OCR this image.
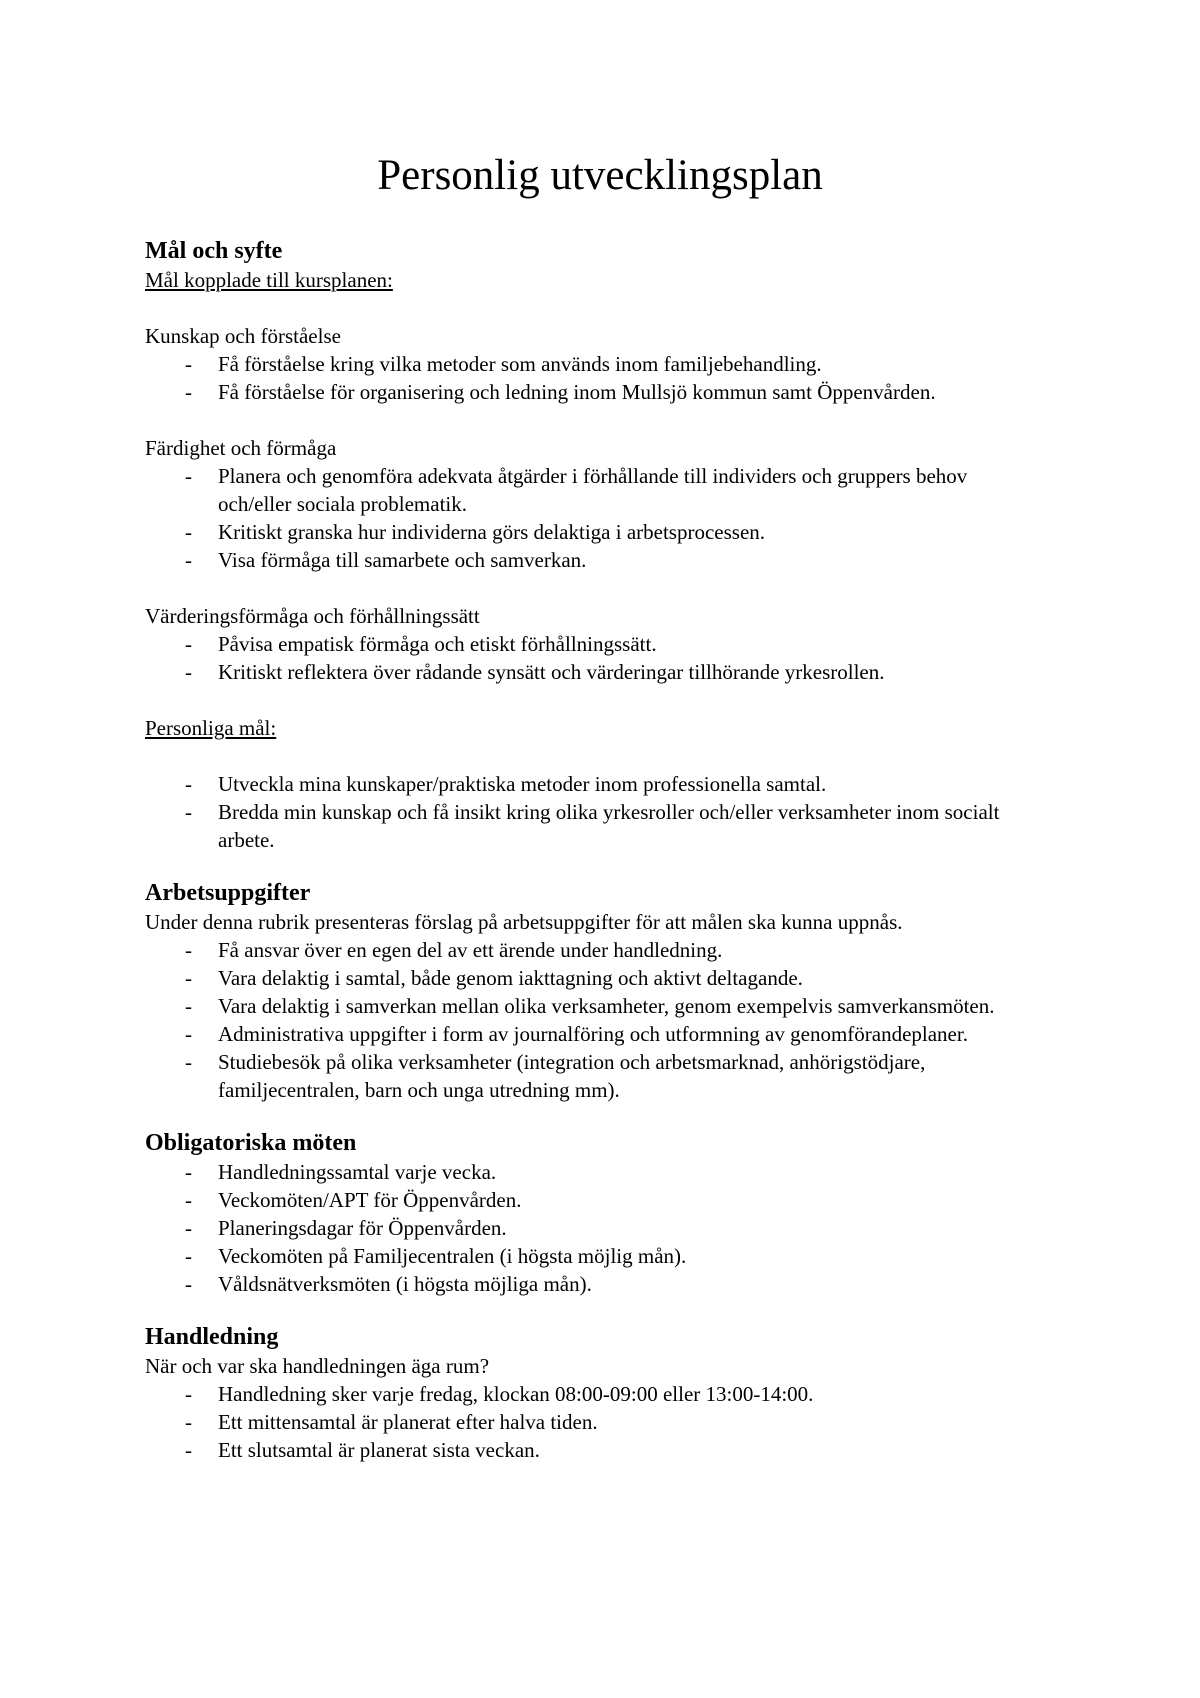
Personlig utvecklingsplan
Mål och syfte

Mål kopplade till kursplanen:

Kunskap och förståelse

- Få förståelse kring vilka metoder som används inom familjebehandling.
- Få förståelse för organisering och ledning inom Mullsjö kommun samt Öppenvården.

Färdighet och förmåga

- Planera och genomföra adekvata åtgärder i förhållande till individers och gruppers behov och/eller sociala problematik.
- Kritiskt granska hur individerna görs delaktiga i arbetsprocessen.
- Visa förmåga till samarbete och samverkan.

Värderingsförmåga och förhållningssätt

- Påvisa empatisk förmåga och etiskt förhållningssätt.
- Kritiskt reflektera över rådande synsätt och värderingar tillhörande yrkesrollen.

Personliga mål:

- Utveckla mina kunskaper/praktiska metoder inom professionella samtal.
- Bredda min kunskap och få insikt kring olika yrkesroller och/eller verksamheter inom socialt arbete.
Arbetsuppgifter

Under denna rubrik presenteras förslag på arbetsuppgifter för att målen ska kunna uppnås.

- Få ansvar över en egen del av ett ärende under handledning.
- Vara delaktig i samtal, både genom iakttagning och aktivt deltagande.
- Vara delaktig i samverkan mellan olika verksamheter, genom exempelvis samverkansmöten.
- Administrativa uppgifter i form av journalföring och utformning av genomförandeplaner.
- Studiebesök på olika verksamheter (integration och arbetsmarknad, anhörigstödjare, familjecentralen, barn och unga utredning mm).
Obligatoriska möten
- Handledningssamtal varje vecka.
- Veckomöten/APT för Öppenvården.
- Planeringsdagar för Öppenvården.
- Veckomöten på Familjecentralen (i högsta möjlig mån).
- Våldsnätverksmöten (i högsta möjliga mån).
Handledning

När och var ska handledningen äga rum?

- Handledning sker varje fredag, klockan 08:00-09:00 eller 13:00-14:00.
- Ett mittensamtal är planerat efter halva tiden.
- Ett slutsamtal är planerat sista veckan.
